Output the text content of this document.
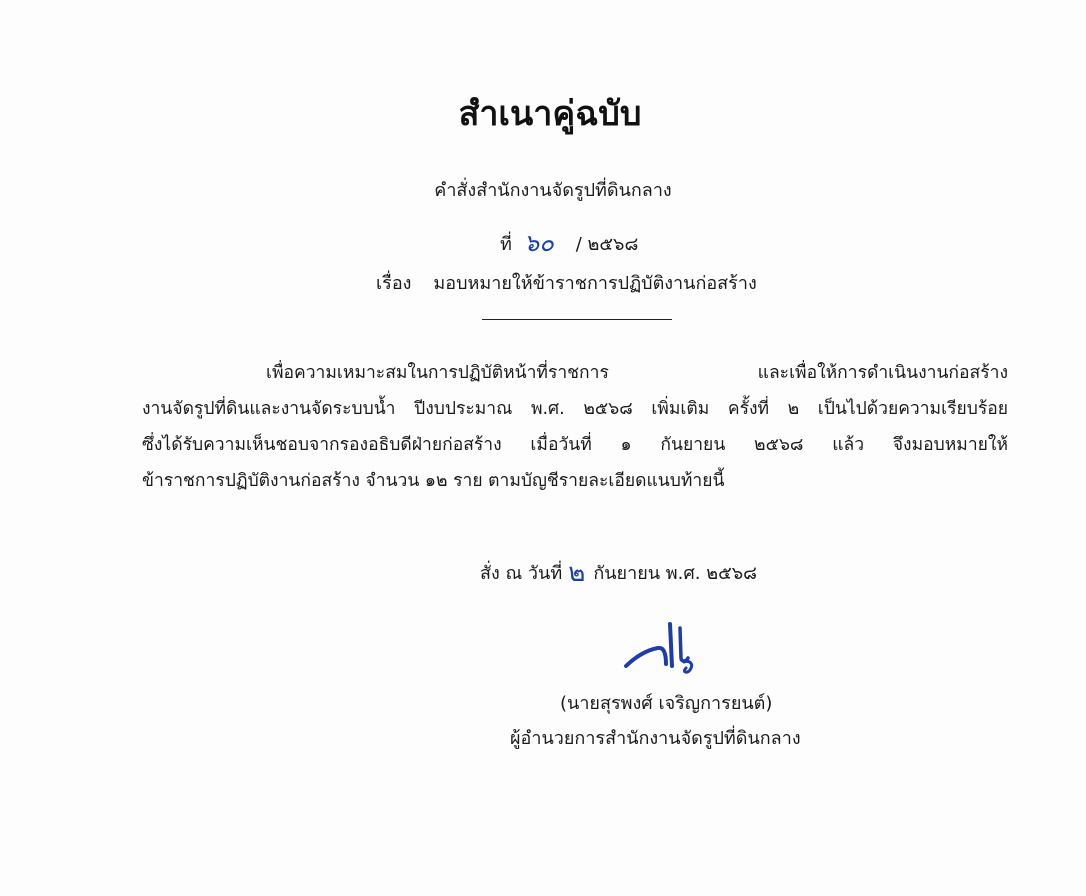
สำเนาคู่ฉบับ
คำสั่งสำนักงานจัดรูปที่ดินกลาง
ที่ ๖๐ / ๒๕๖๘
เรื่อง มอบหมายให้ข้าราชการปฏิบัติงานก่อสร้าง
เพื่อความเหมาะสมในการปฏิบัติหน้าที่ราชการ และเพื่อให้การดำเนินงานก่อสร้าง
งานจัดรูปที่ดินและงานจัดระบบน้ำ ปีงบประมาณ พ.ศ. ๒๕๖๘ เพิ่มเติม ครั้งที่ ๒ เป็นไปด้วยความเรียบร้อย
ซึ่งได้รับความเห็นชอบจากรองอธิบดีฝ่ายก่อสร้าง เมื่อวันที่ ๑ กันยายน ๒๕๖๘ แล้ว จึงมอบหมายให้
ข้าราชการปฏิบัติงานก่อสร้าง จำนวน ๑๒ ราย ตามบัญชีรายละเอียดแนบท้ายนี้
สั่ง ณ วันที่ ๒ กันยายน พ.ศ. ๒๕๖๘
(นายสุรพงศ์ เจริญการยนต์)
ผู้อำนวยการสำนักงานจัดรูปที่ดินกลาง
